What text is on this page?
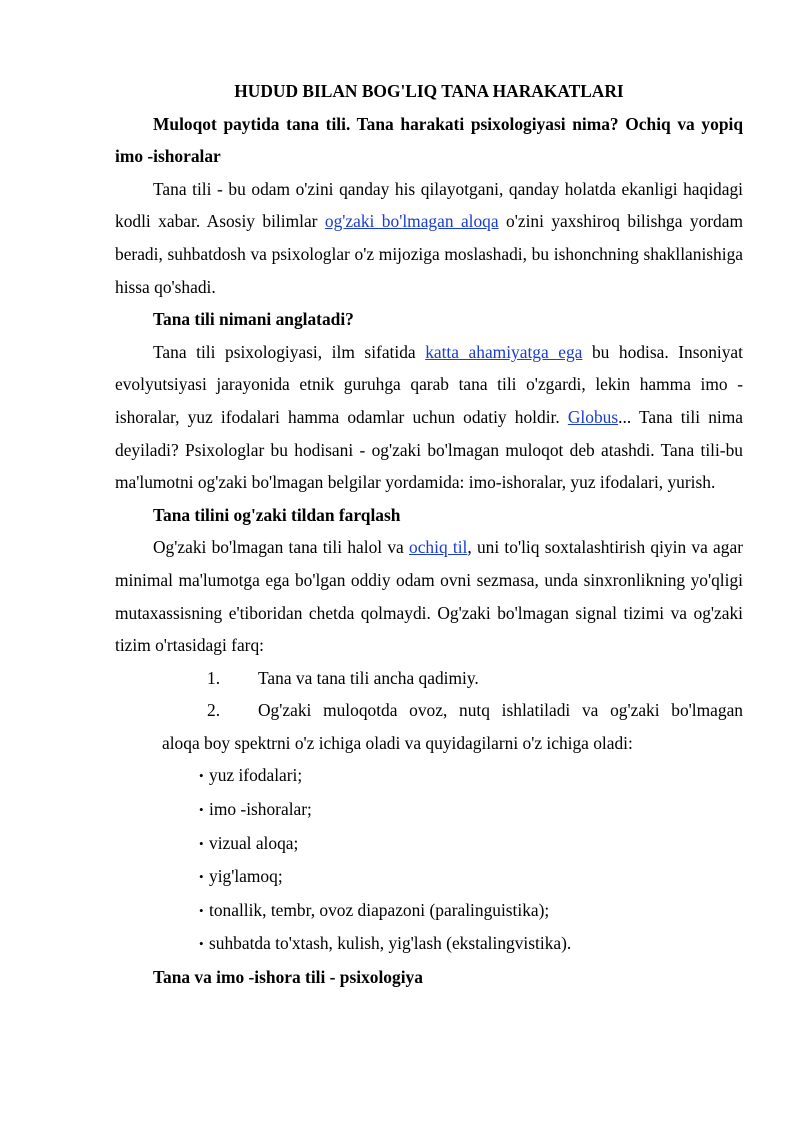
HUDUD BILAN BOG'LIQ TANA HARAKATLARI

Muloqot paytida tana tili. Tana harakati psixologiyasi nima? Ochiq va yopiq imo -ishoralar

Tana tili - bu odam o'zini qanday his qilayotgani, qanday holatda ekanligi haqidagi kodli xabar. Asosiy bilimlar og'zaki bo'lmagan aloqa o'zini yaxshiroq bilishga yordam beradi, suhbatdosh va psixologlar o'z mijoziga moslashadi, bu ishonchning shakllanishiga hissa qo'shadi.

Tana tili nimani anglatadi?

Tana tili psixologiyasi, ilm sifatida katta ahamiyatga ega bu hodisa. Insoniyat evolyutsiyasi jarayonida etnik guruhga qarab tana tili o'zgardi, lekin hamma imo - ishoralar, yuz ifodalari hamma odamlar uchun odatiy holdir. Globus... Tana tili nima deyiladi? Psixologlar bu hodisani - og'zaki bo'lmagan muloqot deb atashdi. Tana tili-bu ma'lumotni og'zaki bo'lmagan belgilar yordamida: imo-ishoralar, yuz ifodalari, yurish.

Tana tilini og'zaki tildan farqlash

Og'zaki bo'lmagan tana tili halol va ochiq til, uni to'liq soxtalashtirish qiyin va agar minimal ma'lumotga ega bo'lgan oddiy odam ovni sezmasa, unda sinxronlikning yo'qligi mutaxassisning e'tiboridan chetda qolmaydi. Og'zaki bo'lmagan signal tizimi va og'zaki tizim o'rtasidagi farq:

1.	Tana va tana tili ancha qadimiy.
2.	Og'zaki muloqotda ovoz, nutq ishlatiladi va og'zaki bo'lmagan

aloqa boy spektrni o'z ichiga oladi va quyidagilarni o'z ichiga oladi:

• yuz ifodalari;
• imo -ishoralar;
• vizual aloqa;
• yig'lamoq;
• tonallik, tembr, ovoz diapazoni (paralinguistika);
• suhbatda to'xtash, kulish, yig'lash (ekstalingvistika).

Tana va imo -ishora tili - psixologiya
